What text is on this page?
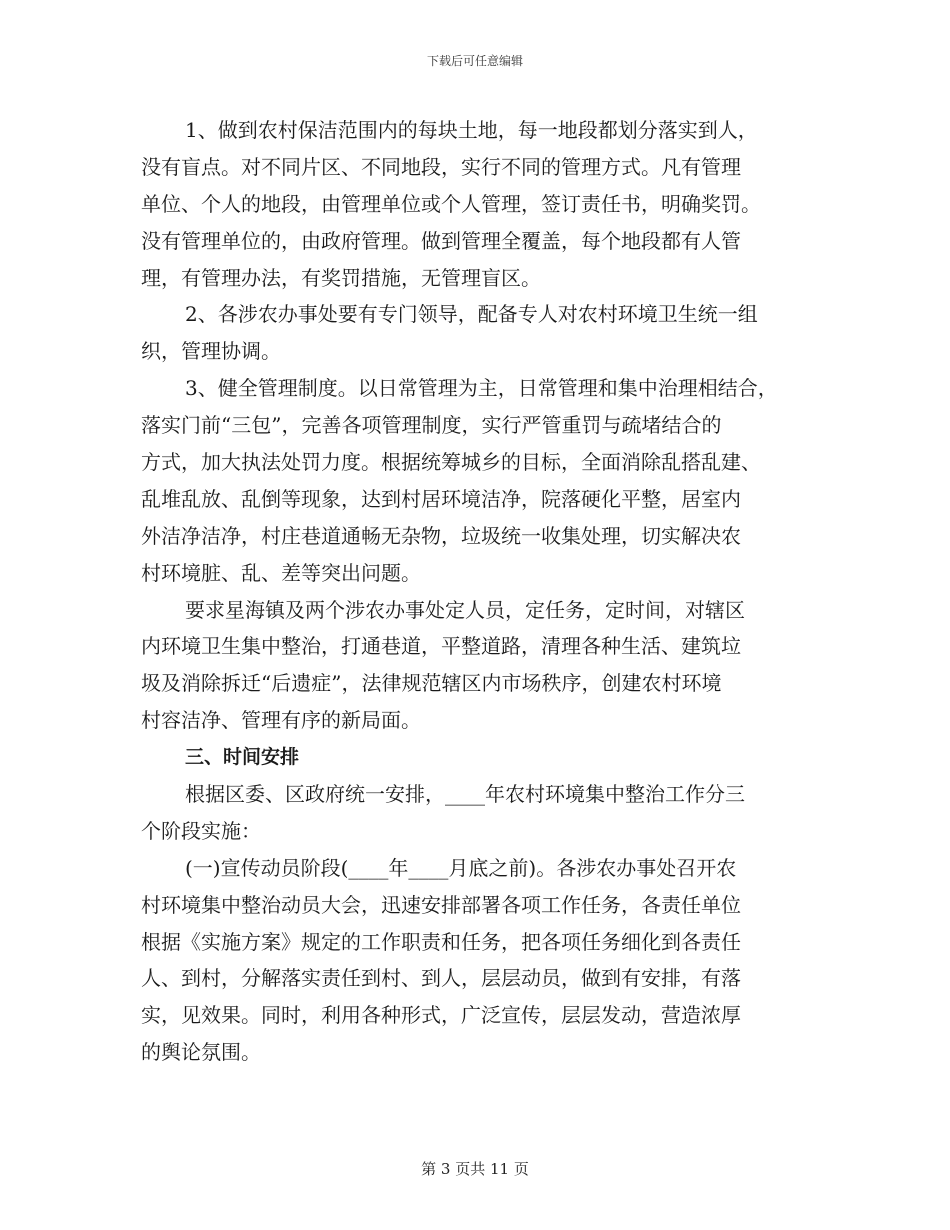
下载后可任意编辑
1、做到农村保洁范围内的每块土地，每一地段都划分落实到人，
没有盲点。对不同片区、不同地段，实行不同的管理方式。凡有管理
单位、个人的地段，由管理单位或个人管理，签订责任书，明确奖罚。
没有管理单位的，由政府管理。做到管理全覆盖，每个地段都有人管
理，有管理办法，有奖罚措施，无管理盲区。
2、各涉农办事处要有专门领导，配备专人对农村环境卫生统一组
织，管理协调。
3、健全管理制度。以日常管理为主，日常管理和集中治理相结合，
落实门前“三包”，完善各项管理制度，实行严管重罚与疏堵结合的
方式，加大执法处罚力度。根据统筹城乡的目标，全面消除乱搭乱建、
乱堆乱放、乱倒等现象，达到村居环境洁净，院落硬化平整，居室内
外洁净洁净，村庄巷道通畅无杂物，垃圾统一收集处理，切实解决农
村环境脏、乱、差等突出问题。
要求星海镇及两个涉农办事处定人员，定任务，定时间，对辖区
内环境卫生集中整治，打通巷道，平整道路，清理各种生活、建筑垃
圾及消除拆迁“后遗症”，法律规范辖区内市场秩序，创建农村环境
村容洁净、管理有序的新局面。
三、时间安排
根据区委、区政府统一安排，____年农村环境集中整治工作分三
个阶段实施：
(一)宣传动员阶段(____年____月底之前)。各涉农办事处召开农
村环境集中整治动员大会，迅速安排部署各项工作任务，各责任单位
根据《实施方案》规定的工作职责和任务，把各项任务细化到各责任
人、到村，分解落实责任到村、到人，层层动员，做到有安排，有落
实，见效果。同时，利用各种形式，广泛宣传，层层发动，营造浓厚
的舆论氛围。
第 3 页共 11 页
